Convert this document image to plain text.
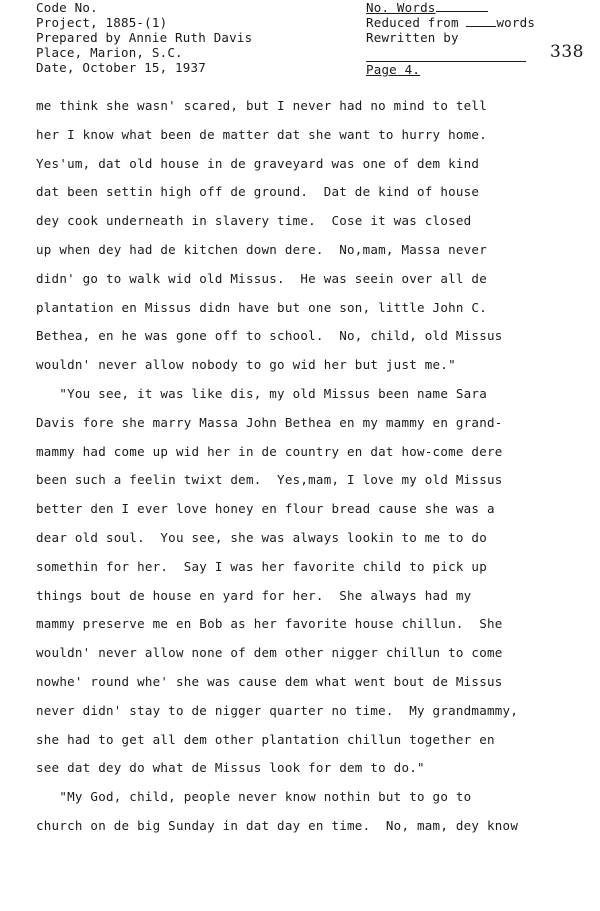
Code No.
Project, 1885-(1)
Prepared by Annie Ruth Davis
Place, Marion, S.C.
Date, October 15, 1937
No. Words
Reduced from	words
Rewritten by
Page 4.
338
me think she wasn' scared, but I never had no mind to tell
her I know what been de matter dat she want to hurry home.
Yes'um, dat old house in de graveyard was one of dem kind
dat been settin high off de ground.  Dat de kind of house
dey cook underneath in slavery time.  Cose it was closed
up when dey had de kitchen down dere.  No,mam, Massa never
didn' go to walk wid old Missus.  He was seein over all de
plantation en Missus didn have but one son, little John C.
Bethea, en he was gone off to school.  No, child, old Missus
wouldn' never allow nobody to go wid her but just me."
"You see, it was like dis, my old Missus been name Sara
Davis fore she marry Massa John Bethea en my mammy en grand-
mammy had come up wid her in de country en dat how-come dere
been such a feelin twixt dem.  Yes,mam, I love my old Missus
better den I ever love honey en flour bread cause she was a
dear old soul.  You see, she was always lookin to me to do
somethin for her.  Say I was her favorite child to pick up
things bout de house en yard for her.  She always had my
mammy preserve me en Bob as her favorite house chillun.  She
wouldn' never allow none of dem other nigger chillun to come
nowhe' round whe' she was cause dem what went bout de Missus
never didn' stay to de nigger quarter no time.  My grandmammy,
she had to get all dem other plantation chillun together en
see dat dey do what de Missus look for dem to do."
"My God, child, people never know nothin but to go to
church on de big Sunday in dat day en time.  No, mam, dey know
